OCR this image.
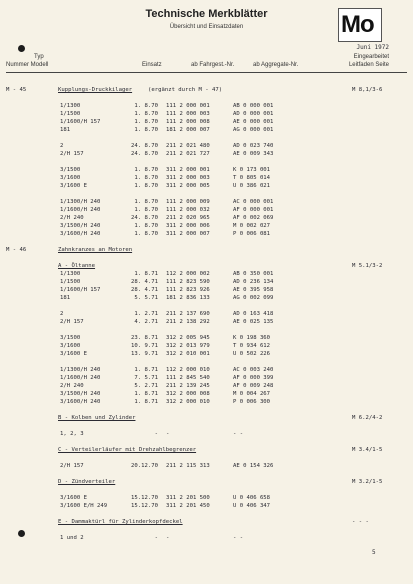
Technische Merkblätter
Übersicht und Einsatzdaten	Mo
Juni 1972
Typ
Nummer Modell	Einsatz	ab Fahrgest.-Nr.	ab Aggregate-Nr.
Eingearbeitet
Leitfaden Seite
M - 45	Kupplungs-Druckkilager	(ergänzt durch M - 47)	M 8,1/3-6
1/1300	1. 8.70 111 2 000 001	AB 0 000 001
1/1500	1. 8.70 111 2 000 003	AD 0 000 001
1/1600/H 157	1. 8.70 111 2 000 008	AE 0 000 001
181	1. 8.70 181 2 000 007	AG 0 000 001
2	24. 8.70 211 2 021 480	AD 0 023 740
2/H 157	24. 8.70 211 2 021 727	AE 0 009 343
3/1500	1. 8.70 311 2 000 001	K 0 173 001
3/1600	1. 8.70 311 2 000 003	T 0 805 014
3/1600 E	1. 8.70 311 2 000 005	U 0 386 021
1/1300/H 240	1. 8.70 111 2 000 009	AC 0 000 001
1/1600/H 240	1. 8.70 111 2 000 032	AF 0 000 001
2/H 240	24. 8.70 211 2 020 965	AF 0 002 069
3/1500/H 240	1. 8.70 311 2 000 006	M 0 002 027
3/1600/H 240	1. 8.70 311 2 000 007	P 0 006 081
M - 46	Zahnkranzes an Motoren
A - Öltanne	M 5.1/3-2
1/1300	1. 8.71 112 2 000 002	AB 0 350 001
1/1500	28. 4.71 111 2 823 590	AD 0 236 134
1/1600/H 157	28. 4.71 111 2 823 926	AE 0 395 958
181	5. 5.71 181 2 836 133	AG 0 002 099
2	1. 2.71 211 2 137 690	AD 0 163 418
2/H 157	4. 2.71 211 2 138 292	AE 0 025 135
3/1500	23. 8.71 312 2 005 945	K 0 198 360
3/1600	10. 9.71 312 2 013 979	T 0 934 612
3/1600 E	13. 9.71 312 2 010 001	U 0 502 226
1/1300/H 240	1. 8.71 112 2 000 010	AC 0 003 240
1/1600/H 240	7. 5.71 111 2 845 540	AF 0 000 399
2/H 240	5. 2.71 211 2 139 245	AF 0 009 248
3/1500/H 240	1. 8.71 312 2 000 008	M 0 004 267
3/1600/H 240	1. 8.71 312 2 000 010	P 0 006 300
B - Kolben und Zylinder	M 6.2/4-2
1, 2, 3	- -	- -
C - Verteilerläufer mit Drehzahlbegrenzer	M 3.4/1-5
2/H 157	20.12.70 211 2 115 313	AE 0 154 326
D - Zündverteiler	M 3.2/1-5
3/1600 E	15.12.70 311 2 201 500	U 0 406 658
3/1600 E/H 249	15.12.70 311 2 201 450	U 0 406 347
E - Dammaktürl für Zylinderkopfdeckel	- - -
1 und 2	- -	- -
5
